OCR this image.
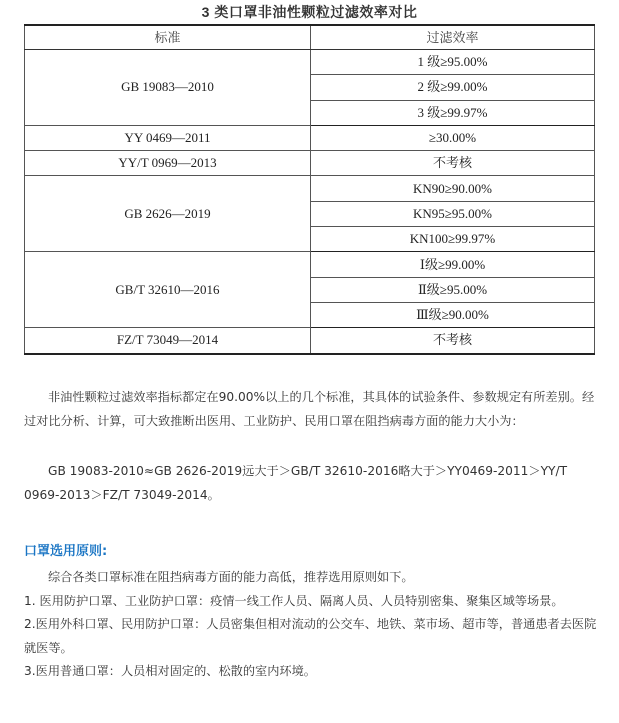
3 类口罩非油性颗粒过滤效率对比
标准	过滤效率
GB 19083—2010	1 级≥95.00%
	2 级≥99.00%
	3 级≥99.97%
YY 0469—2011	≥30.00%
YY/T 0969—2013	不考核
GB 2626—2019	KN90≥90.00%
	KN95≥95.00%
	KN100≥99.97%
GB/T 32610—2016	Ⅰ级≥99.00%
	Ⅱ级≥95.00%
	Ⅲ级≥90.00%
FZ/T 73049—2014	不考核
非油性颗粒过滤效率指标都定在90.00%以上的几个标准，其具体的试验条件、参数规定有所差别。经过对比分析、计算，可大致推断出医用、工业防护、民用口罩在阻挡病毒方面的能力大小为：
GB 19083-2010≈GB 2626-2019远大于＞GB/T 32610-2016略大于＞YY0469-2011＞YY/T 0969-2013＞FZ/T 73049-2014。
口罩选用原则:

综合各类口罩标准在阻挡病毒方面的能力高低，推荐选用原则如下。

1. 医用防护口罩、工业防护口罩：疫情一线工作人员、隔离人员、人员特别密集、聚集区域等场景。

2.医用外科口罩、民用防护口罩：人员密集但相对流动的公交车、地铁、菜市场、超市等，普通患者去医院就医等。

3.医用普通口罩：人员相对固定的、松散的室内环境。
